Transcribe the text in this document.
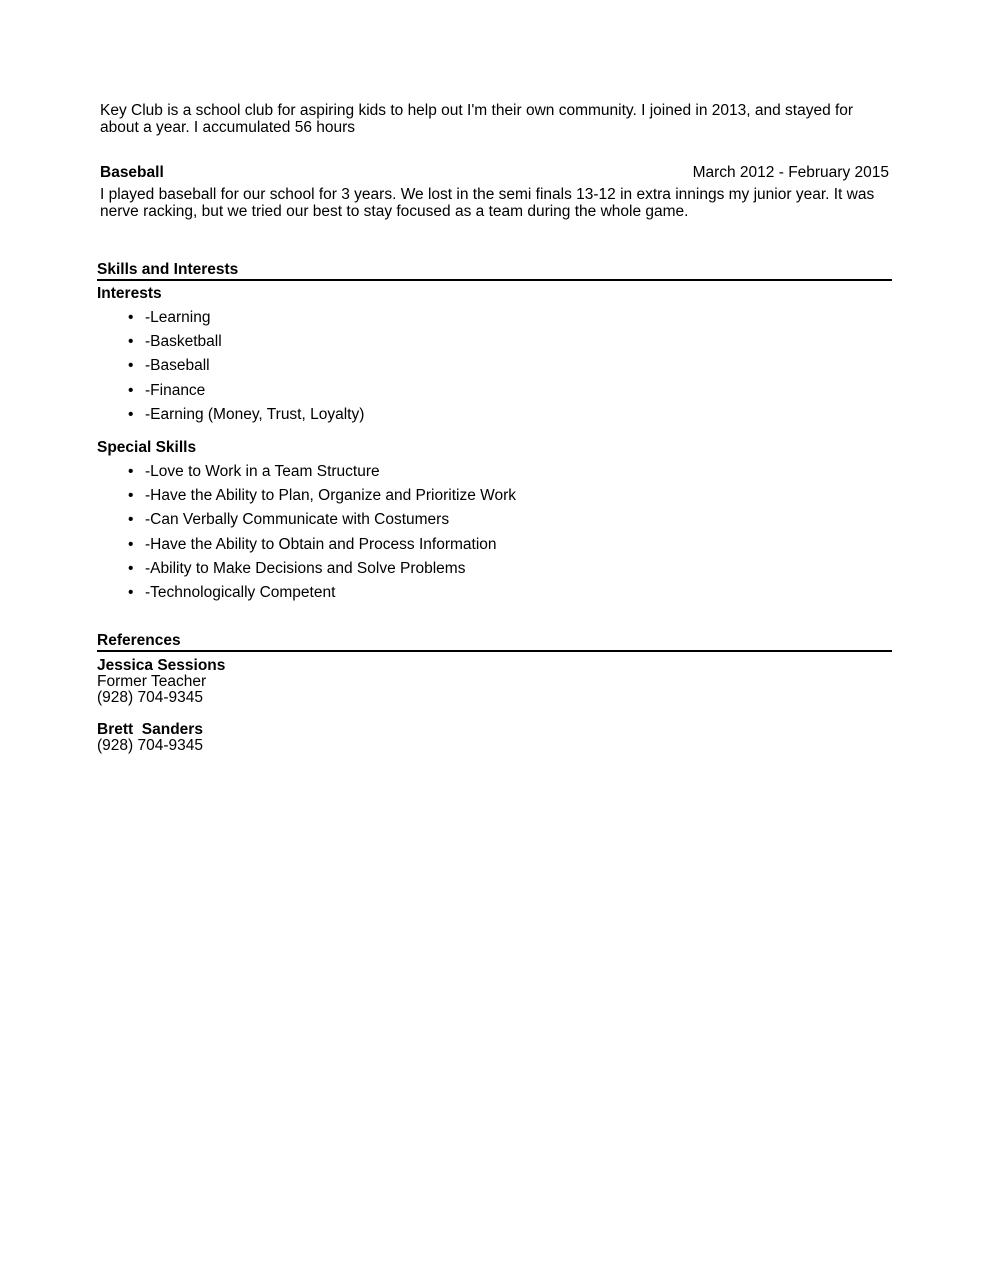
Key Club is a school club for aspiring kids to help out I'm their own community. I joined in 2013, and stayed for about a year. I accumulated 56 hours

Baseball	March 2012 - February 2015

I played baseball for our school for 3 years. We lost in the semi finals 13-12 in extra innings my junior year. It was nerve racking, but we tried our best to stay focused as a team during the whole game.

Skills and Interests
Interests
• -Learning
• -Basketball
• -Baseball
• -Finance
• -Earning (Money, Trust, Loyalty)
Special Skills
• -Love to Work in a Team Structure
• -Have the Ability to Plan, Organize and Prioritize Work
• -Can Verbally Communicate with Costumers
• -Have the Ability to Obtain and Process Information
• -Ability to Make Decisions and Solve Problems
• -Technologically Competent
References
Jessica Sessions
Former Teacher
(928) 704-9345
Brett  Sanders
(928) 704-9345
